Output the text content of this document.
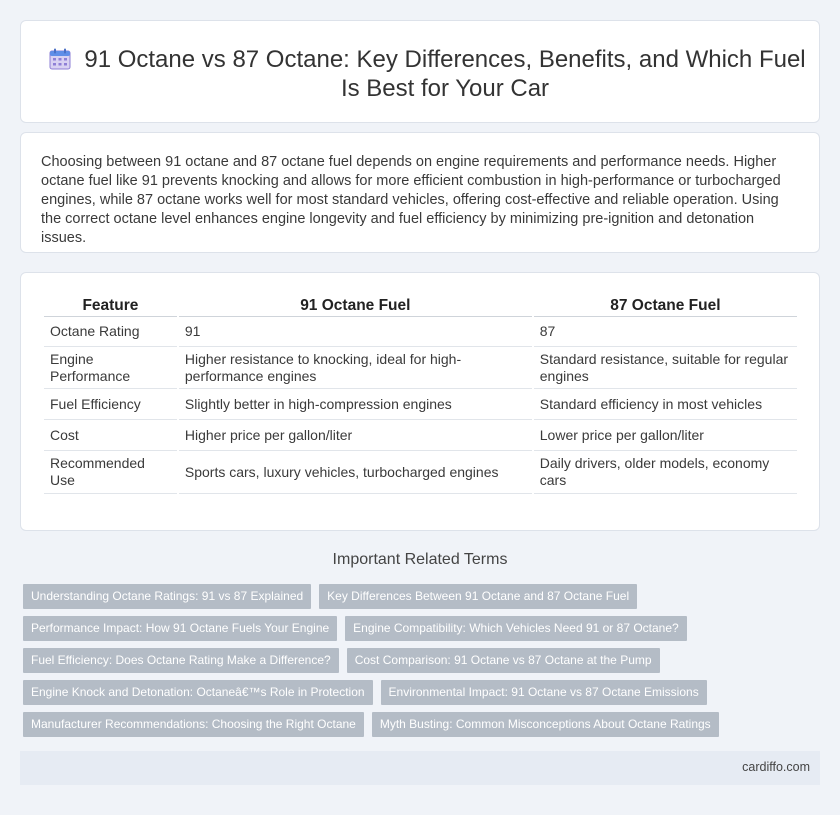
91 Octane vs 87 Octane: Key Differences, Benefits, and Which Fuel Is Best for Your Car

Choosing between 91 octane and 87 octane fuel depends on engine requirements and performance needs. Higher octane fuel like 91 prevents knocking and allows for more efficient combustion in high-performance or turbocharged engines, while 87 octane works well for most standard vehicles, offering cost-effective and reliable operation. Using the correct octane level enhances engine longevity and fuel efficiency by minimizing pre-ignition and detonation issues.

Feature	91 Octane Fuel	87 Octane Fuel
Octane Rating	91	87
Engine Performance	Higher resistance to knocking, ideal for high-performance engines	Standard resistance, suitable for regular engines
Fuel Efficiency	Slightly better in high-compression engines	Standard efficiency in most vehicles
Cost	Higher price per gallon/liter	Lower price per gallon/liter
Recommended Use	Sports cars, luxury vehicles, turbocharged engines	Daily drivers, older models, economy cars
Important Related Terms
Understanding Octane Ratings: 91 vs 87 Explained	Key Differences Between 91 Octane and 87 Octane Fuel
Performance Impact: How 91 Octane Fuels Your Engine	Engine Compatibility: Which Vehicles Need 91 or 87 Octane?
Fuel Efficiency: Does Octane Rating Make a Difference?	Cost Comparison: 91 Octane vs 87 Octane at the Pump
Engine Knock and Detonation: Octaneâ€™s Role in Protection	Environmental Impact: 91 Octane vs 87 Octane Emissions
Manufacturer Recommendations: Choosing the Right Octane	Myth Busting: Common Misconceptions About Octane Ratings
cardiffo.com
